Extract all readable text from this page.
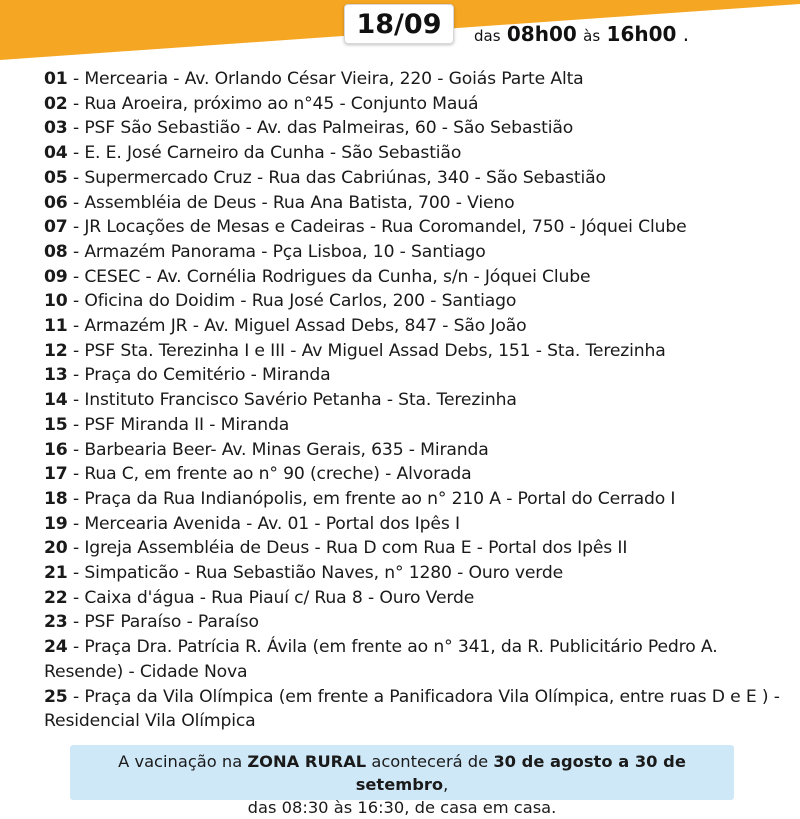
18/09 das 08h00 às 16h00 .
01 - Mercearia - Av. Orlando César Vieira, 220 - Goiás Parte Alta
02 - Rua Aroeira, próximo ao n°45 - Conjunto Mauá
03 - PSF São Sebastião - Av. das Palmeiras, 60 - São Sebastião
04 - E. E. José Carneiro da Cunha - São Sebastião
05 - Supermercado Cruz - Rua das Cabriúnas, 340 - São Sebastião
06 - Assembléia de Deus - Rua Ana Batista, 700 - Vieno
07 - JR Locações de Mesas e Cadeiras - Rua Coromandel, 750 - Jóquei Clube
08 - Armazém Panorama - Pça Lisboa, 10 - Santiago
09 - CESEC - Av. Cornélia Rodrigues da Cunha, s/n - Jóquei Clube
10 - Oficina do Doidim - Rua José Carlos, 200 - Santiago
11 - Armazém JR - Av. Miguel Assad Debs, 847 - São João
12 - PSF Sta. Terezinha I e III - Av Miguel Assad Debs, 151 - Sta. Terezinha
13 - Praça do Cemitério - Miranda
14 - Instituto Francisco Savério Petanha - Sta. Terezinha
15 - PSF Miranda II - Miranda
16 - Barbearia Beer- Av. Minas Gerais, 635 - Miranda
17 - Rua C, em frente ao n° 90 (creche) - Alvorada
18 - Praça da Rua Indianópolis, em frente ao n° 210 A - Portal do Cerrado I
19 - Mercearia Avenida - Av. 01 - Portal dos Ipês I
20 - Igreja Assembléia de Deus - Rua D com Rua E - Portal dos Ipês II
21 - Simpaticão - Rua Sebastião Naves, n° 1280 - Ouro verde
22 - Caixa d'água - Rua Piauí c/ Rua 8 - Ouro Verde
23 - PSF Paraíso - Paraíso
24 - Praça Dra. Patrícia R. Ávila (em frente ao n° 341, da R. Publicitário Pedro A. Resende) - Cidade Nova
25 - Praça da Vila Olímpica (em frente a Panificadora Vila Olímpica, entre ruas D e E ) - Residencial Vila Olímpica
A vacinação na ZONA RURAL acontecerá de 30 de agosto a 30 de setembro,
das 08:30 às 16:30, de casa em casa.
